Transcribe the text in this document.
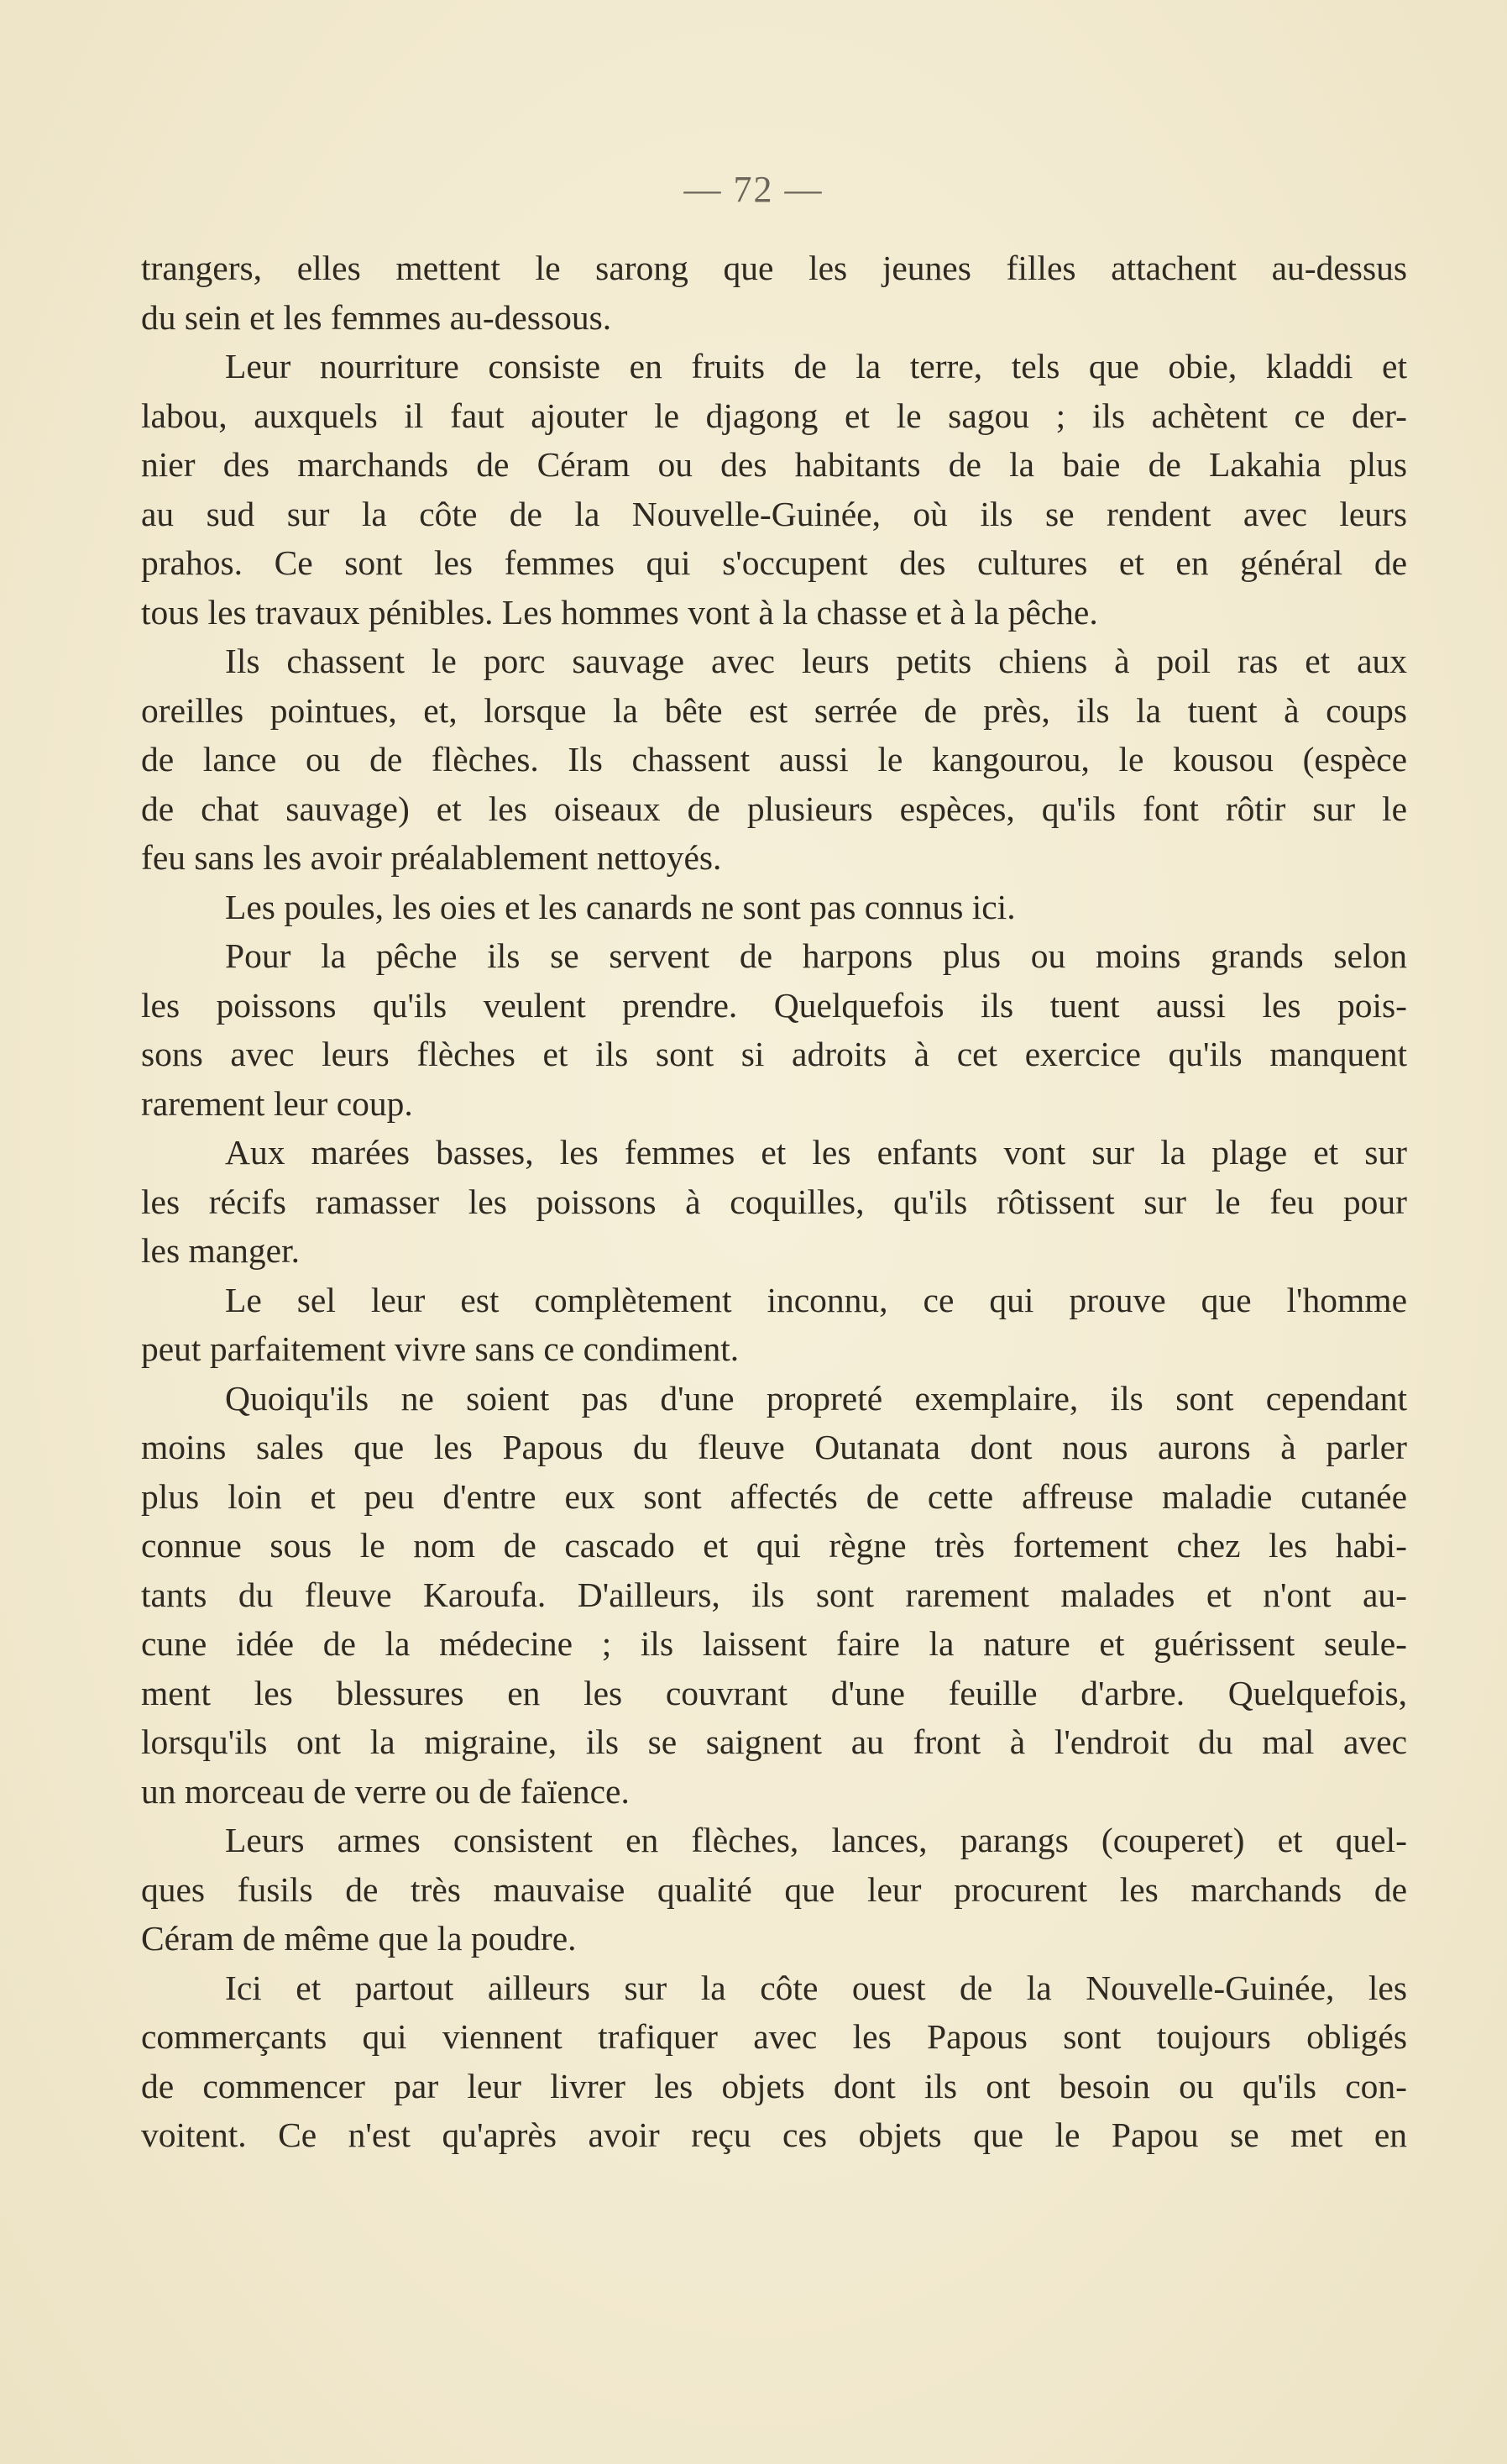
— 72 —

trangers, elles mettent le sarong que les jeunes filles attachent au-dessus
du sein et les femmes au-dessous.

Leur nourriture consiste en fruits de la terre, tels que obie, kladdi et
labou, auxquels il faut ajouter le djagong et le sagou ; ils achètent ce der-
nier des marchands de Céram ou des habitants de la baie de Lakahia plus
au sud sur la côte de la Nouvelle-Guinée, où ils se rendent avec leurs
prahos. Ce sont les femmes qui s'occupent des cultures et en général de
tous les travaux pénibles. Les hommes vont à la chasse et à la pêche.

Ils chassent le porc sauvage avec leurs petits chiens à poil ras et aux
oreilles pointues, et, lorsque la bête est serrée de près, ils la tuent à coups
de lance ou de flèches. Ils chassent aussi le kangourou, le kousou (espèce
de chat sauvage) et les oiseaux de plusieurs espèces, qu'ils font rôtir sur le
feu sans les avoir préalablement nettoyés.

Les poules, les oies et les canards ne sont pas connus ici.

Pour la pêche ils se servent de harpons plus ou moins grands selon
les poissons qu'ils veulent prendre. Quelquefois ils tuent aussi les pois-
sons avec leurs flèches et ils sont si adroits à cet exercice qu'ils manquent
rarement leur coup.

Aux marées basses, les femmes et les enfants vont sur la plage et sur
les récifs ramasser les poissons à coquilles, qu'ils rôtissent sur le feu pour
les manger.

Le sel leur est complètement inconnu, ce qui prouve que l'homme
peut parfaitement vivre sans ce condiment.

Quoiqu'ils ne soient pas d'une propreté exemplaire, ils sont cependant
moins sales que les Papous du fleuve Outanata dont nous aurons à parler
plus loin et peu d'entre eux sont affectés de cette affreuse maladie cutanée
connue sous le nom de cascado et qui règne très fortement chez les habi-
tants du fleuve Karoufa. D'ailleurs, ils sont rarement malades et n'ont au-
cune idée de la médecine ; ils laissent faire la nature et guérissent seule-
ment les blessures en les couvrant d'une feuille d'arbre. Quelquefois,
lorsqu'ils ont la migraine, ils se saignent au front à l'endroit du mal avec
un morceau de verre ou de faïence.

Leurs armes consistent en flèches, lances, parangs (couperet) et quel-
ques fusils de très mauvaise qualité que leur procurent les marchands de
Céram de même que la poudre.

Ici et partout ailleurs sur la côte ouest de la Nouvelle-Guinée, les
commerçants qui viennent trafiquer avec les Papous sont toujours obligés
de commencer par leur livrer les objets dont ils ont besoin ou qu'ils con-
voitent. Ce n'est qu'après avoir reçu ces objets que le Papou se met en
